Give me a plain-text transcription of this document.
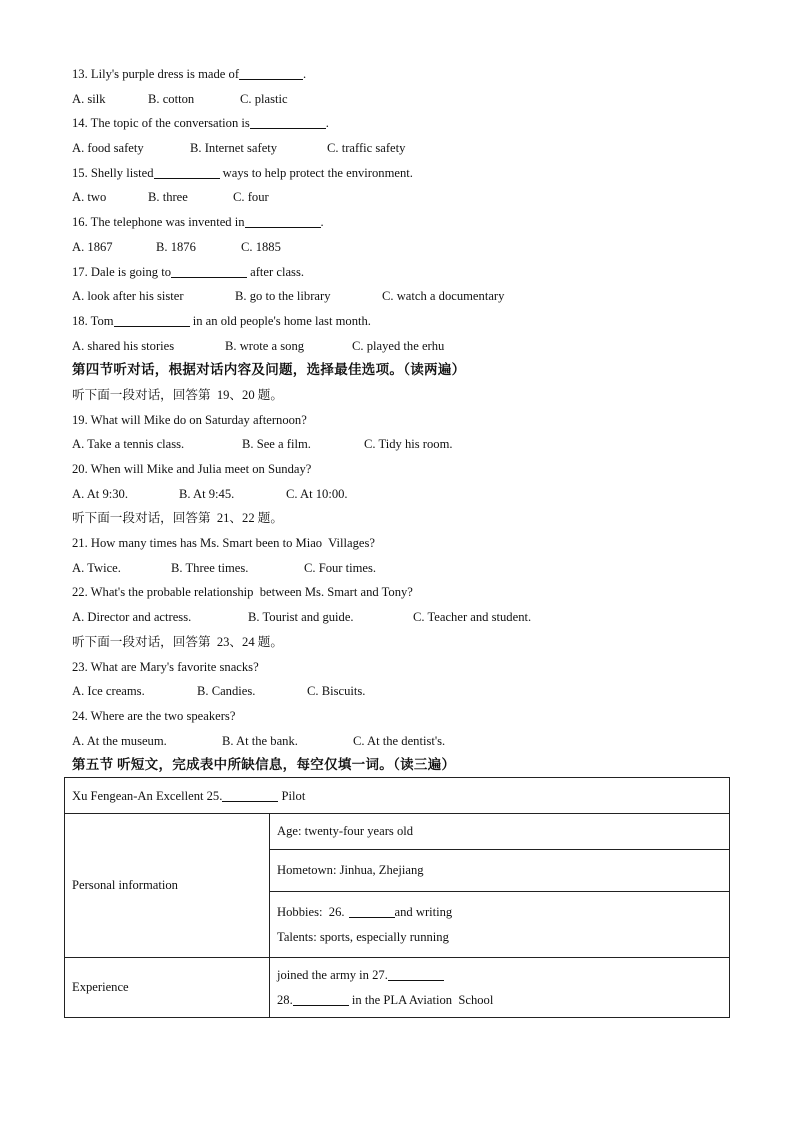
13. Lily's purple dress is made of	.
A. silk	B. cotton	C. plastic
14. The topic of the conversation is	.
A. food safety	B. Internet safety	C. traffic safety
15. Shelly listed	ways to help protect the environment.
A. two	B. three	C. four
16. The telephone was invented in	.
A. 1867	B. 1876	C. 1885
17. Dale is going to	after class.
A. look after his sister	B. go to the library	C. watch a documentary
18. Tom	in an old people's home last month.
A. shared his stories	B. wrote a song	C. played the erhu
第四节听对话，根据对话内容及问题，选择最佳选项。（读两遍）
听下面一段对话，回答第  19、20 题。
19. What will Mike do on Saturday afternoon?
A. Take a tennis class.	B. See a film.	C. Tidy his room.
20. When will Mike and Julia meet on Sunday?
A. At 9:30.	B. At 9:45.	C. At 10:00.
听下面一段对话，回答第  21、22 题。
21. How many times has Ms. Smart been to Miao  Villages?
A. Twice.	B. Three times.	C. Four times.
22. What's the probable relationship  between Ms. Smart and Tony?
A. Director and actress.	B. Tourist and guide.	C. Teacher and student.
听下面一段对话，回答第  23、24 题。
23. What are Mary's favorite snacks?
A. Ice creams.	B. Candies.	C. Biscuits.
24. Where are the two speakers?
A. At the museum.	B. At the bank.	C. At the dentist's.
第五节 听短文，完成表中所缺信息，每空仅填一词。（读三遍）
Xu Fengean-An Excellent 25. Pilot	
Personal information	Age: twenty-four years old
	Hometown: Jinhua, Zhejiang

	Hobbies:  26. and writing
Talents: sports, especially running

Experience	joined the army in 27.
28. in the PLA Aviation  School
